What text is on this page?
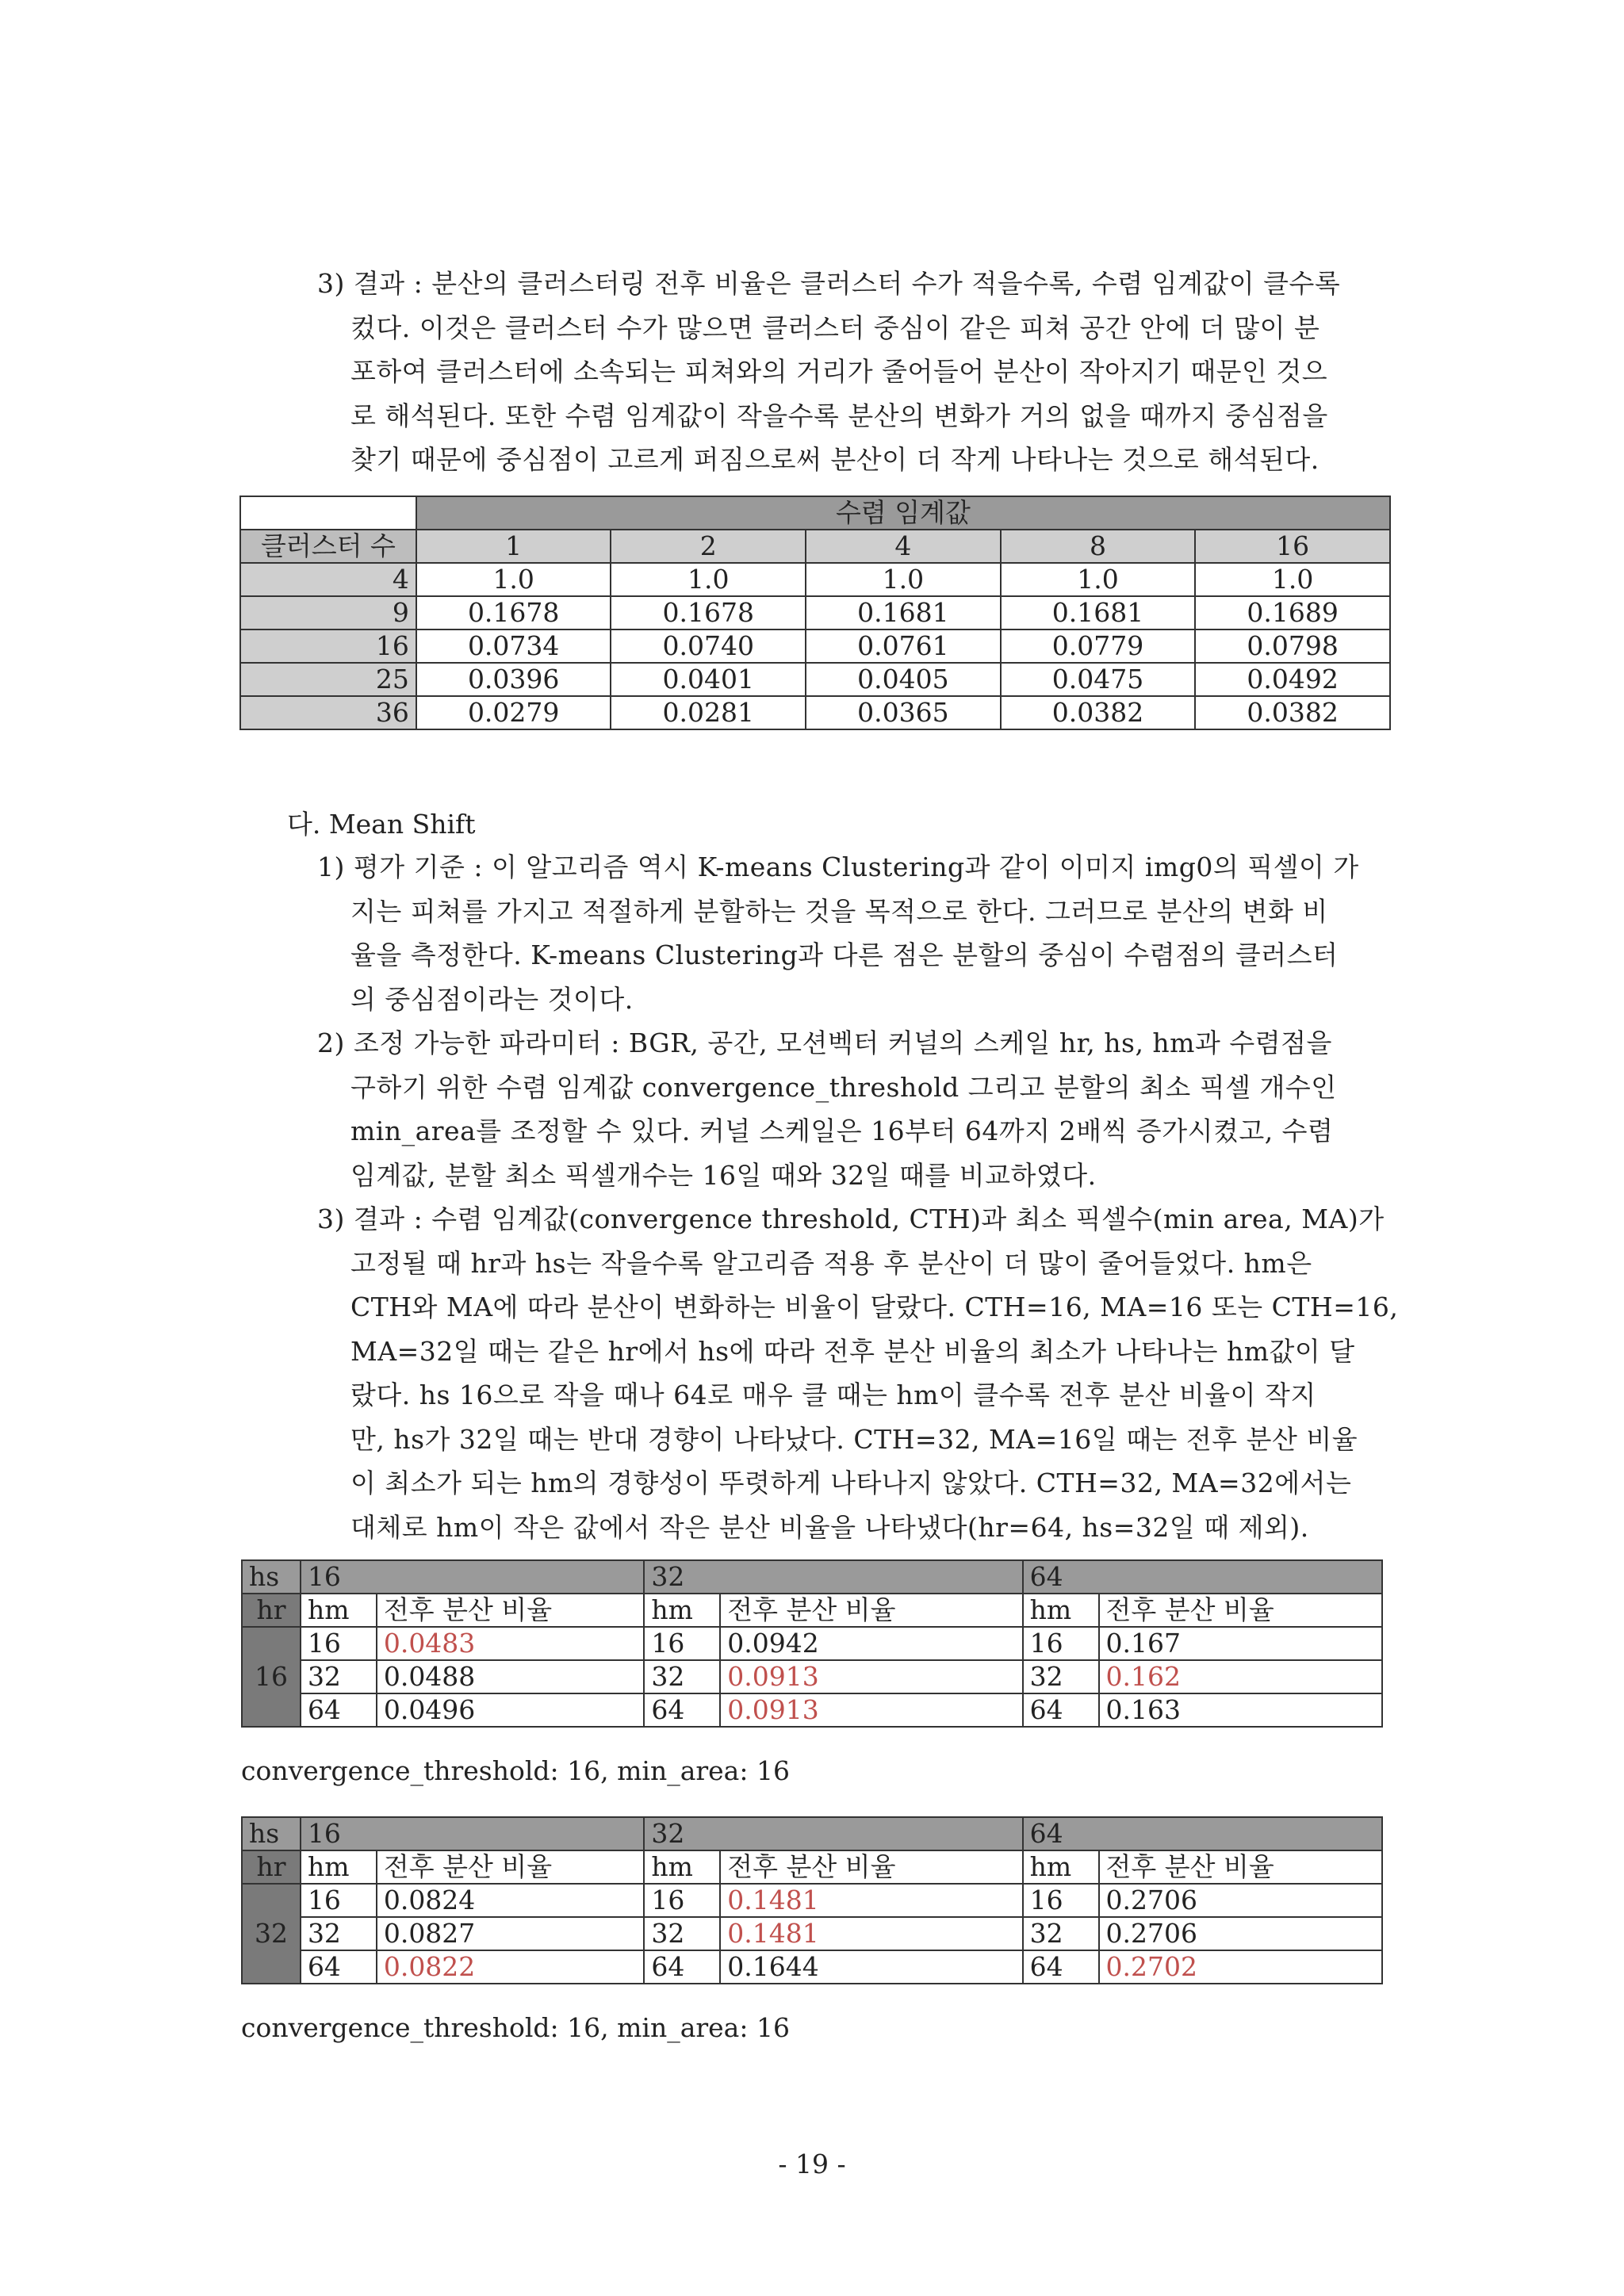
3) 결과 : 분산의 클러스터링 전후 비율은 클러스터 수가 적을수록, 수렴 임계값이 클수록
컸다. 이것은 클러스터 수가 많으면 클러스터 중심이 같은 피쳐 공간 안에 더 많이 분
포하여 클러스터에 소속되는 피쳐와의 거리가 줄어들어 분산이 작아지기 때문인 것으
로 해석된다. 또한 수렴 임계값이 작을수록 분산의 변화가 거의 없을 때까지 중심점을
찾기 때문에 중심점이 고르게 퍼짐으로써 분산이 더 작게 나타나는 것으로 해석된다.
	수렴 임계값				
클러스터 수	1	2	4	8	16
4	1.0	1.0	1.0	1.0	1.0
9	0.1678	0.1678	0.1681	0.1681	0.1689
16	0.0734	0.0740	0.0761	0.0779	0.0798
25	0.0396	0.0401	0.0405	0.0475	0.0492
36	0.0279	0.0281	0.0365	0.0382	0.0382
다. Mean Shift
1) 평가 기준 : 이 알고리즘 역시 K-means Clustering과 같이 이미지 img0의 픽셀이 가
지는 피쳐를 가지고 적절하게 분할하는 것을 목적으로 한다. 그러므로 분산의 변화 비
율을 측정한다. K-means Clustering과 다른 점은 분할의 중심이 수렴점의 클러스터
의 중심점이라는 것이다.
2) 조정 가능한 파라미터 : BGR, 공간, 모션벡터 커널의 스케일 hr, hs, hm과 수렴점을
구하기 위한 수렴 임계값 convergence_threshold 그리고 분할의 최소 픽셀 개수인
min_area를 조정할 수 있다. 커널 스케일은 16부터 64까지 2배씩 증가시켰고, 수렴
임계값, 분할 최소 픽셀개수는 16일 때와 32일 때를 비교하였다.
3) 결과 : 수렴 임계값(convergence threshold, CTH)과 최소 픽셀수(min area, MA)가
고정될 때 hr과 hs는 작을수록 알고리즘 적용 후 분산이 더 많이 줄어들었다. hm은
CTH와 MA에 따라 분산이 변화하는 비율이 달랐다. CTH=16, MA=16 또는 CTH=16,
MA=32일 때는 같은 hr에서 hs에 따라 전후 분산 비율의 최소가 나타나는 hm값이 달
랐다. hs 16으로 작을 때나 64로 매우 클 때는 hm이 클수록 전후 분산 비율이 작지
만, hs가 32일 때는 반대 경향이 나타났다. CTH=32, MA=16일 때는 전후 분산 비율
이 최소가 되는 hm의 경향성이 뚜렷하게 나타나지 않았다. CTH=32, MA=32에서는
대체로 hm이 작은 값에서 작은 분산 비율을 나타냈다(hr=64, hs=32일 때 제외).
hs	16		32		64	
hr	hm	전후 분산 비율	hm	전후 분산 비율	hm	전후 분산 비율
16	16	0.0483	16	0.0942	16	0.167
	32	0.0488	32	0.0913	32	0.162
	64	0.0496	64	0.0913	64	0.163
convergence_threshold: 16, min_area: 16
hs	16		32		64	
hr	hm	전후 분산 비율	hm	전후 분산 비율	hm	전후 분산 비율
32	16	0.0824	16	0.1481	16	0.2706
	32	0.0827	32	0.1481	32	0.2706
	64	0.0822	64	0.1644	64	0.2702
convergence_threshold: 16, min_area: 16
- 19 -
